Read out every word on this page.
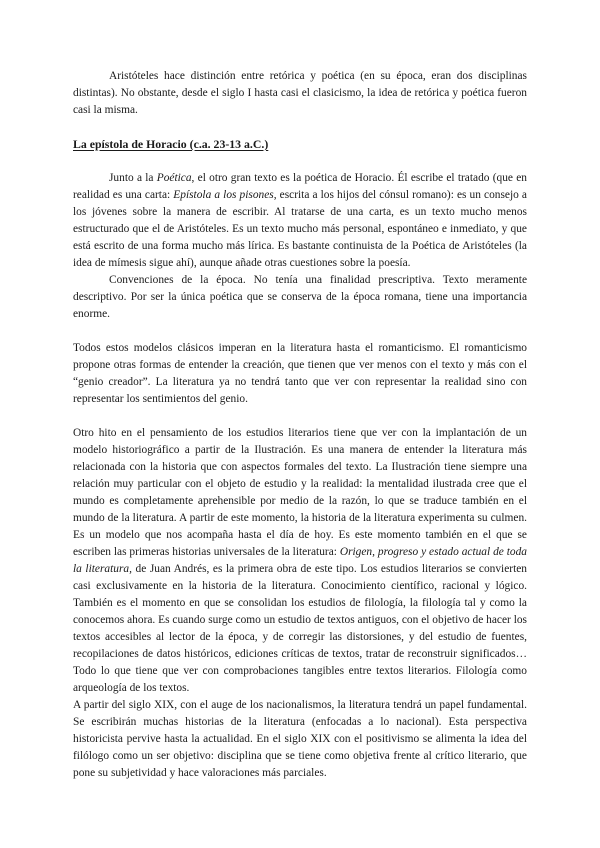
Aristóteles hace distinción entre retórica y poética (en su época, eran dos disciplinas distintas). No obstante, desde el siglo I hasta casi el clasicismo, la idea de retórica y poética fueron casi la misma.

La epístola de Horacio (c.a. 23-13 a.C.)

Junto a la Poética, el otro gran texto es la poética de Horacio. Él escribe el tratado (que en realidad es una carta: Epístola a los pisones, escrita a los hijos del cónsul romano): es un consejo a los jóvenes sobre la manera de escribir. Al tratarse de una carta, es un texto mucho menos estructurado que el de Aristóteles. Es un texto mucho más personal, espontáneo e inmediato, y que está escrito de una forma mucho más lírica. Es bastante continuista de la Poética de Aristóteles (la idea de mímesis sigue ahí), aunque añade otras cuestiones sobre la poesía.

Convenciones de la época. No tenía una finalidad prescriptiva. Texto meramente descriptivo. Por ser la única poética que se conserva de la época romana, tiene una importancia enorme.

Todos estos modelos clásicos imperan en la literatura hasta el romanticismo. El romanticismo propone otras formas de entender la creación, que tienen que ver menos con el texto y más con el “genio creador”. La literatura ya no tendrá tanto que ver con representar la realidad sino con representar los sentimientos del genio.

Otro hito en el pensamiento de los estudios literarios tiene que ver con la implantación de un modelo historiográfico a partir de la Ilustración. Es una manera de entender la literatura más relacionada con la historia que con aspectos formales del texto. La Ilustración tiene siempre una relación muy particular con el objeto de estudio y la realidad: la mentalidad ilustrada cree que el mundo es completamente aprehensible por medio de la razón, lo que se traduce también en el mundo de la literatura. A partir de este momento, la historia de la literatura experimenta su culmen. Es un modelo que nos acompaña hasta el día de hoy. Es este momento también en el que se escriben las primeras historias universales de la literatura: Origen, progreso y estado actual de toda la literatura, de Juan Andrés, es la primera obra de este tipo. Los estudios literarios se convierten casi exclusivamente en la historia de la literatura. Conocimiento científico, racional y lógico. También es el momento en que se consolidan los estudios de filología, la filología tal y como la conocemos ahora. Es cuando surge como un estudio de textos antiguos, con el objetivo de hacer los textos accesibles al lector de la época, y de corregir las distorsiones, y del estudio de fuentes, recopilaciones de datos históricos, ediciones críticas de textos, tratar de reconstruir significados…Todo lo que tiene que ver con comprobaciones tangibles entre textos literarios. Filología como arqueología de los textos.

A partir del siglo XIX, con el auge de los nacionalismos, la literatura tendrá un papel fundamental. Se escribirán muchas historias de la literatura (enfocadas a lo nacional). Esta perspectiva historicista pervive hasta la actualidad. En el siglo XIX con el positivismo se alimenta la idea del filólogo como un ser objetivo: disciplina que se tiene como objetiva frente al crítico literario, que pone su subjetividad y hace valoraciones más parciales.
